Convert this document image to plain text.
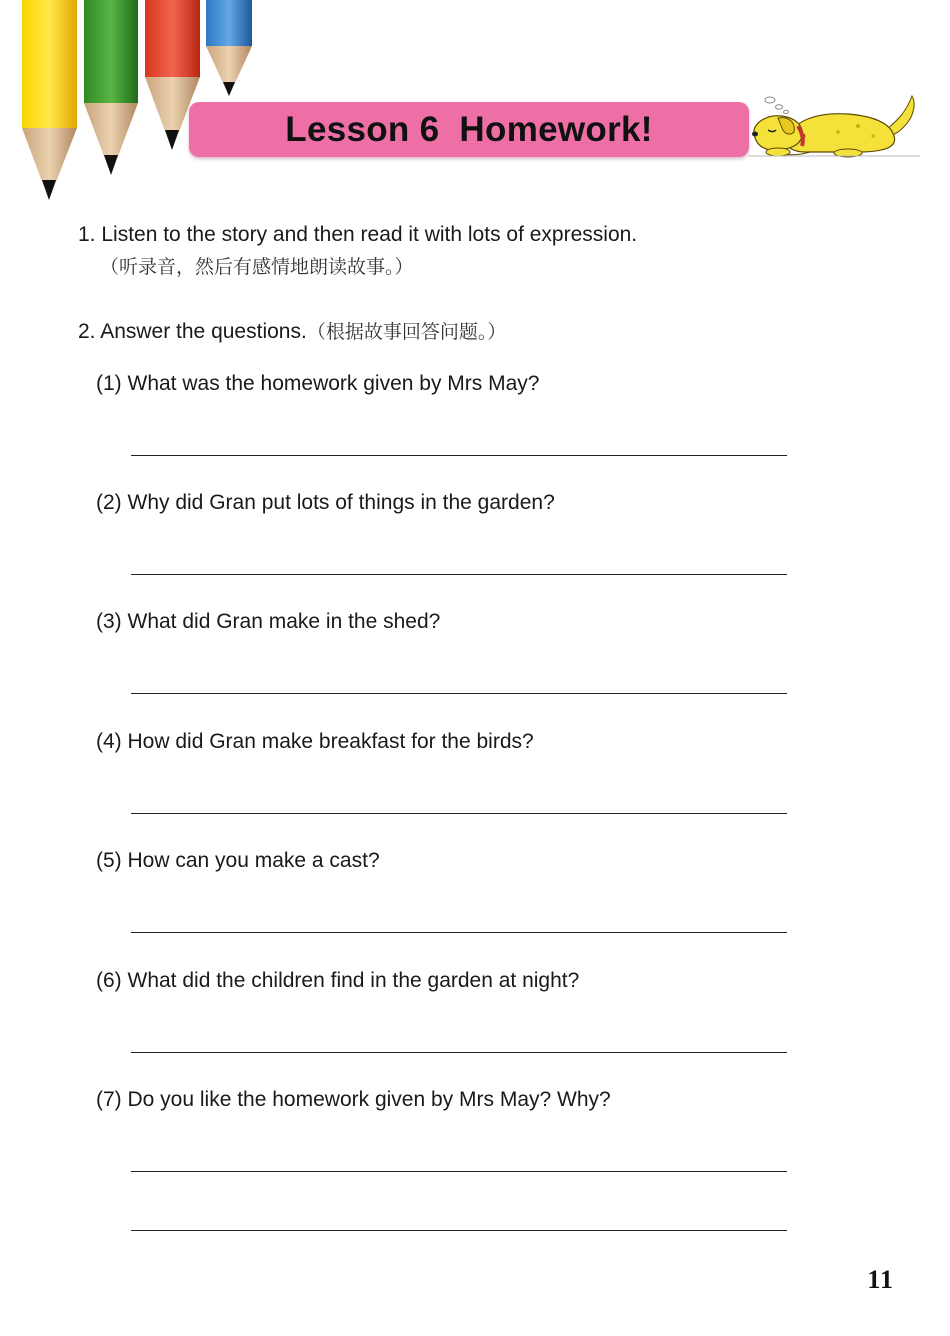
Lesson 6  Homework!
1. Listen to the story and then read it with lots of expression.
（听录音，然后有感情地朗读故事。）
2. Answer the questions.（根据故事回答问题。）
(1) What was the homework given by Mrs May?
(2) Why did Gran put lots of things in the garden?
(3) What did Gran make in the shed?
(4) How did Gran make breakfast for the birds?
(5) How can you make a cast?
(6) What did the children find in the garden at night?
(7) Do you like the homework given by Mrs May? Why?
11
